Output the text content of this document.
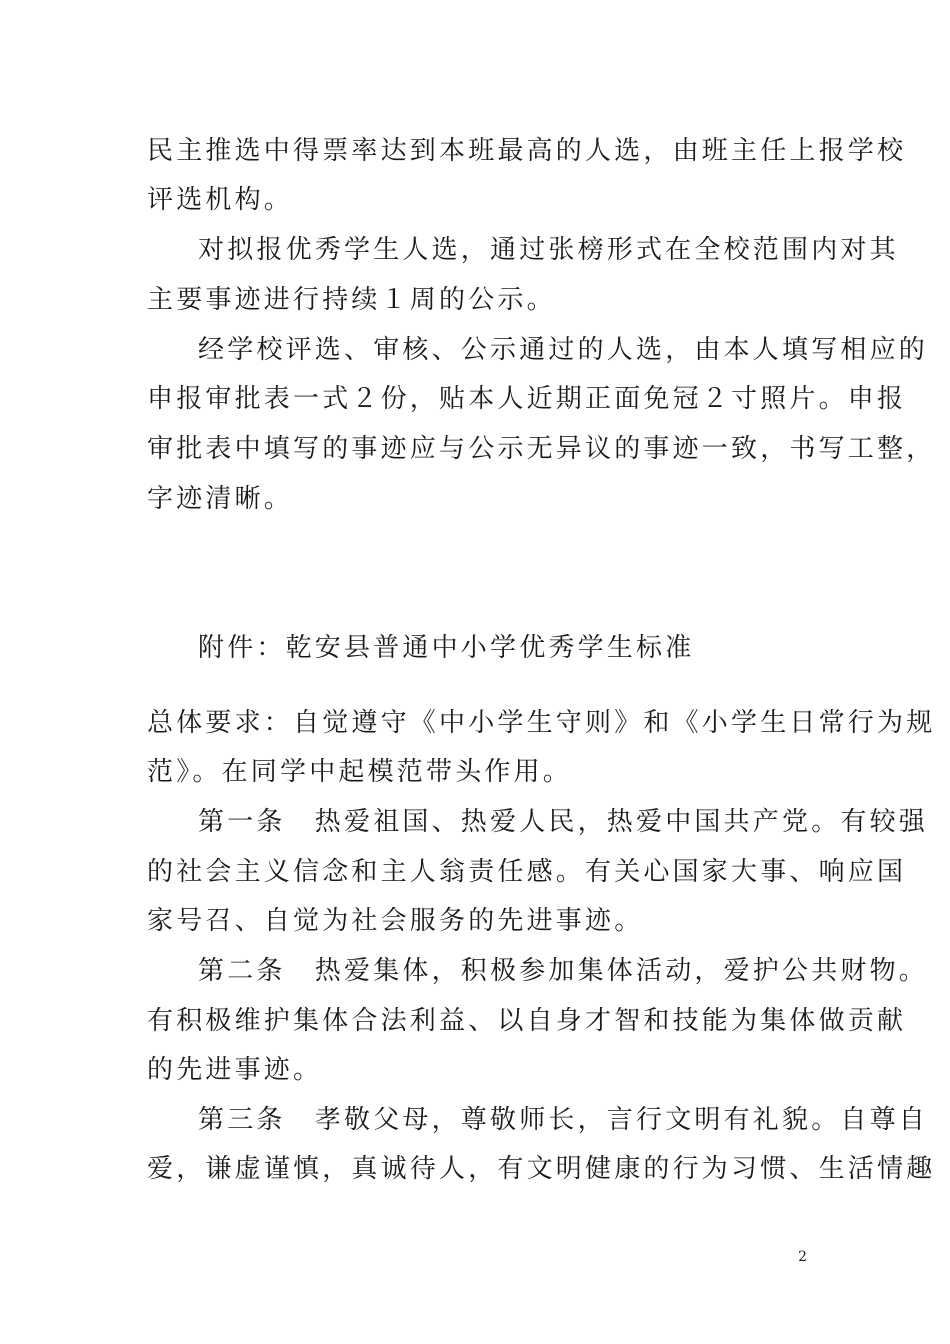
民主推选中得票率达到本班最高的人选，由班主任上报学校
评选机构。
对拟报优秀学生人选，通过张榜形式在全校范围内对其
主要事迹进行持续１周的公示。
经学校评选、审核、公示通过的人选，由本人填写相应的
申报审批表一式２份，贴本人近期正面免冠２寸照片。申报
审批表中填写的事迹应与公示无异议的事迹一致，书写工整，
字迹清晰。
附件：乾安县普通中小学优秀学生标准
总体要求：自觉遵守《中小学生守则》和《小学生日常行为规
范》。在同学中起模范带头作用。
第一条　热爱祖国、热爱人民，热爱中国共产党。有较强
的社会主义信念和主人翁责任感。有关心国家大事、响应国
家号召、自觉为社会服务的先进事迹。
第二条　热爱集体，积极参加集体活动，爱护公共财物。
有积极维护集体合法利益、以自身才智和技能为集体做贡献
的先进事迹。
第三条　孝敬父母，尊敬师长，言行文明有礼貌。自尊自
爱，谦虚谨慎，真诚待人，有文明健康的行为习惯、生活情趣
2
